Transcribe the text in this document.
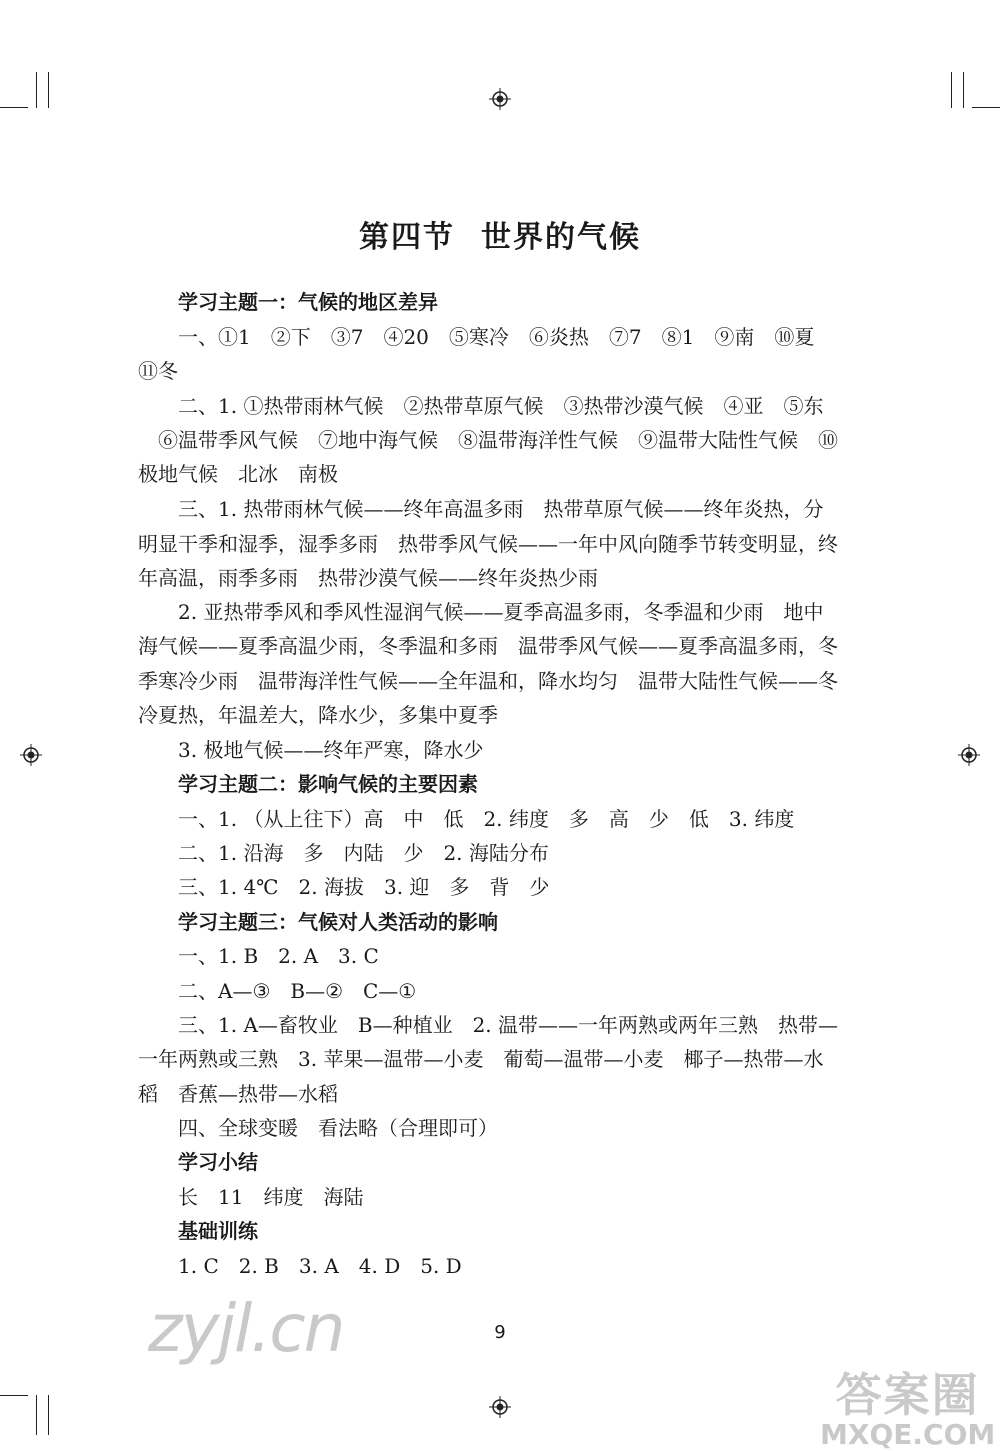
第四节 世界的气候
学习主题一：气候的地区差异
一、①1　②下　③7　④20　⑤寒冷　⑥炎热　⑦7　⑧1　⑨南　⑩夏
⑪冬
二、1. ①热带雨林气候　②热带草原气候　③热带沙漠气候　④亚　⑤东
⑥温带季风气候　⑦地中海气候　⑧温带海洋性气候　⑨温带大陆性气候　⑩
极地气候　北冰　南极
三、1. 热带雨林气候——终年高温多雨　热带草原气候——终年炎热，分
明显干季和湿季，湿季多雨　热带季风气候——一年中风向随季节转变明显，终
年高温，雨季多雨　热带沙漠气候——终年炎热少雨
2. 亚热带季风和季风性湿润气候——夏季高温多雨，冬季温和少雨　地中
海气候——夏季高温少雨，冬季温和多雨　温带季风气候——夏季高温多雨，冬
季寒冷少雨　温带海洋性气候——全年温和，降水均匀　温带大陆性气候——冬
冷夏热，年温差大，降水少，多集中夏季
3. 极地气候——终年严寒，降水少
学习主题二：影响气候的主要因素
一、1. （从上往下）高　中　低　2. 纬度　多　高　少　低　3. 纬度
二、1. 沿海　多　内陆　少　2. 海陆分布
三、1. 4℃　2. 海拔　3. 迎　多　背　少
学习主题三：气候对人类活动的影响
一、1. B　2. A　3. C
二、A—③　B—②　C—①
三、1. A—畜牧业　B—种植业　2. 温带——一年两熟或两年三熟　热带—
一年两熟或三熟　3. 苹果—温带—小麦　葡萄—温带—小麦　椰子—热带—水
稻　香蕉—热带—水稻
四、全球变暖　看法略（合理即可）
学习小结
长　11　纬度　海陆
基础训练
1. C　2. B　3. A　4. D　5. D
zyjl.cn
答案圈
MXQE.COM
9
